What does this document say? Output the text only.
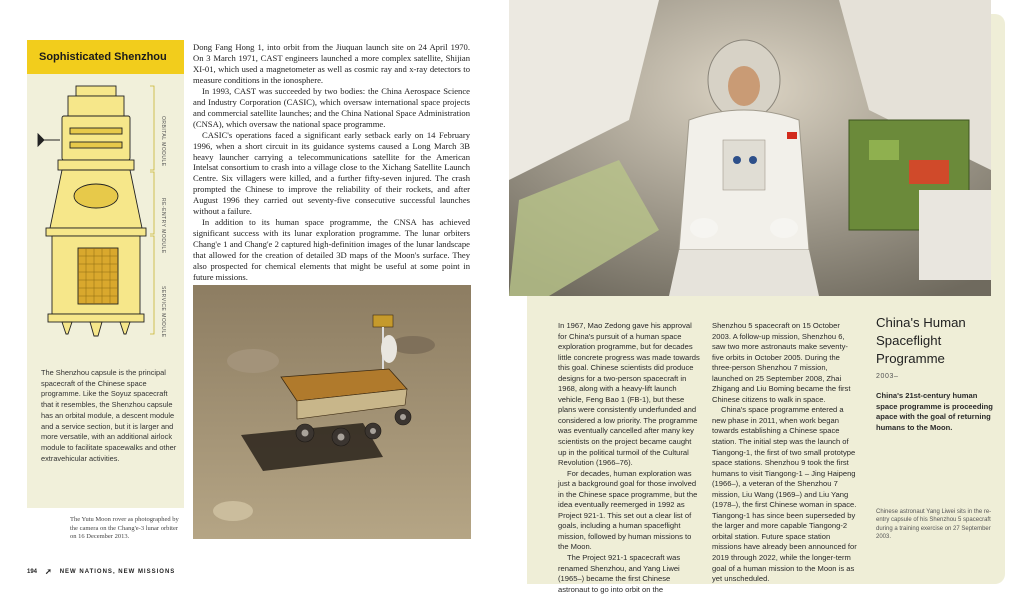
Sophisticated Shenzhou
ORBITAL MODULE
RE-ENTRY MODULE
SERVICE MODULE
The Shenzhou capsule is the principal spacecraft of the Chinese space programme. Like the Soyuz spacecraft that it resembles, the Shenzhou capsule has an orbital module, a descent module and a service section, but it is larger and more versatile, with an additional airlock module to facilitate spacewalks and other extravehicular activities.

Dong Fang Hong 1, into orbit from the Jiuquan launch site on 24 April 1970. On 3 March 1971, CAST engineers launched a more complex satellite, Shijian XI-01, which used a magnetometer as well as cosmic ray and x-ray detectors to measure conditions in the ionosphere.

In 1993, CAST was succeeded by two bodies: the China Aerospace Science and Industry Corporation (CASIC), which oversaw international space projects and commercial satellite launches; and the China National Space Administration (CNSA), which oversaw the national space programme.

CASIC's operations faced a significant early setback early on 14 February 1996, when a short circuit in its guidance systems caused a Long March 3B heavy launcher carrying a telecommunications satellite for the American Intelsat consortium to crash into a village close to the Xichang Satellite Launch Centre. Six villagers were killed, and a further fifty-seven injured. The crash prompted the Chinese to improve the reliability of their rockets, and after August 1996 they carried out seventy-five consecutive successful launches without a failure.

In addition to its human space programme, the CNSA has achieved significant success with its lunar exploration programme. The lunar orbiters Chang'e 1 and Chang'e 2 captured high-definition images of the lunar landscape that allowed for the creation of detailed 3D maps of the Moon's surface. They also prospected for chemical elements that might be useful at some point in future missions.

The Yutu Moon rover as photographed by the camera on the Chang'e-3 lunar orbiter on 16 December 2013.
194 ➚ NEW NATIONS, NEW MISSIONS

In 1967, Mao Zedong gave his approval for China's pursuit of a human space exploration programme, but for decades little concrete progress was made towards this goal. Chinese scientists did produce designs for a two-person spacecraft in 1968, along with a heavy-lift launch vehicle, Feng Bao 1 (FB-1), but these plans were consistently underfunded and considered a low priority. The programme was eventually cancelled after many key scientists on the project became caught up in the political turmoil of the Cultural Revolution (1966–76).

For decades, human exploration was just a background goal for those involved in the Chinese space programme, but the idea eventually reemerged in 1992 as Project 921-1. This set out a clear list of goals, including a human spaceflight mission, followed by human missions to the Moon.

The Project 921-1 spacecraft was renamed Shenzhou, and Yang Liwei (1965–) became the first Chinese astronaut to go into orbit on the

Shenzhou 5 spacecraft on 15 October 2003. A follow-up mission, Shenzhou 6, saw two more astronauts make seventy-five orbits in October 2005. During the three-person Shenzhou 7 mission, launched on 25 September 2008, Zhai Zhigang and Liu Boming became the first Chinese citizens to walk in space.

China's space programme entered a new phase in 2011, when work began towards establishing a Chinese space station. The initial step was the launch of Tiangong-1, the first of two small prototype space stations. Shenzhou 9 took the first humans to visit Tiangong-1 – Jing Haipeng (1966–), a veteran of the Shenzhou 7 mission, Liu Wang (1969–) and Liu Yang (1978–), the first Chinese woman in space. Tiangong-1 has since been superseded by the larger and more capable Tiangong-2 orbital station. Future space station missions have already been announced for 2019 through 2022, while the longer-term goal of a human mission to the Moon is as yet unscheduled.

China's Human Spaceflight Programme
2003–
China's 21st-century human space programme is proceeding apace with the goal of returning humans to the Moon.
Chinese astronaut Yang Liwei sits in the re-entry capsule of his Shenzhou 5 spacecraft during a training exercise on 27 September 2003.
